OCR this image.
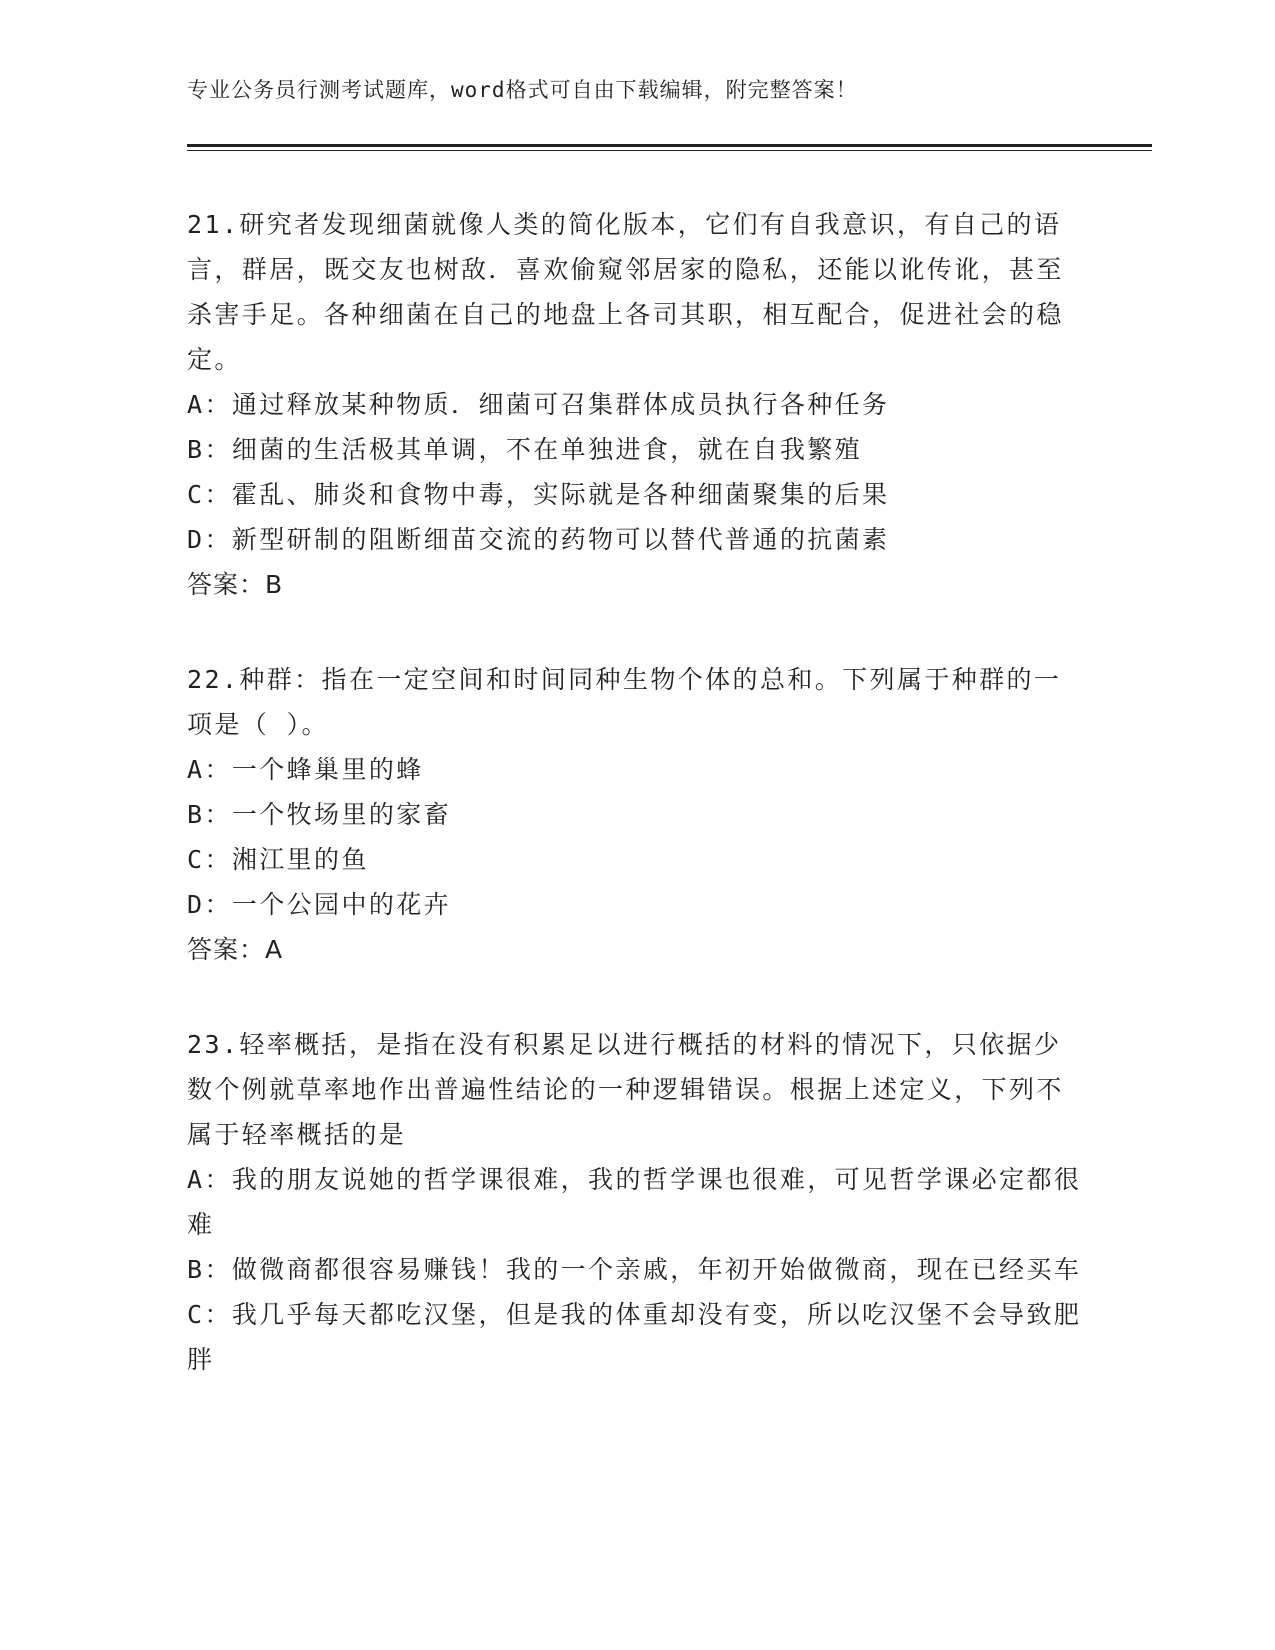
专业公务员行测考试题库，word格式可自由下载编辑，附完整答案！

21.研究者发现细菌就像人类的简化版本，它们有自我意识，有自己的语言，群居，既交友也树敌．喜欢偷窥邻居家的隐私，还能以讹传讹，甚至杀害手足。各种细菌在自己的地盘上各司其职，相互配合，促进社会的稳定。

A：通过释放某种物质．细菌可召集群体成员执行各种任务

B：细菌的生活极其单调，不在单独进食，就在自我繁殖

C：霍乱、肺炎和食物中毒，实际就是各种细菌聚集的后果

D：新型研制的阻断细苗交流的药物可以替代普通的抗菌素

答案：B

22.种群：指在一定空间和时间同种生物个体的总和。下列属于种群的一项是（ ）。

A：一个蜂巢里的蜂

B：一个牧场里的家畜

C：湘江里的鱼

D：一个公园中的花卉

答案：A

23.轻率概括，是指在没有积累足以进行概括的材料的情况下，只依据少数个例就草率地作出普遍性结论的一种逻辑错误。根据上述定义，下列不属于轻率概括的是

A：我的朋友说她的哲学课很难，我的哲学课也很难，可见哲学课必定都很难

B：做微商都很容易赚钱！我的一个亲戚，年初开始做微商，现在已经买车

C：我几乎每天都吃汉堡，但是我的体重却没有变，所以吃汉堡不会导致肥胖
